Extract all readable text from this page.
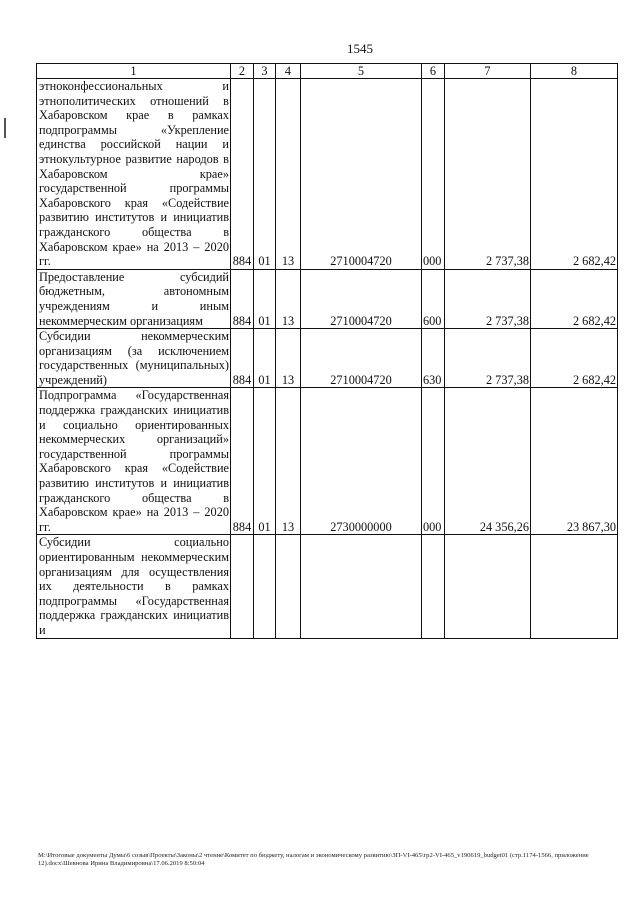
1545
1	2	3	4	5	6	7	8
этноконфессиональных и этнополитических отношений в Хабаровском крае в рамках подпрограммы «Укрепление единства российской нации и этнокультурное развитие народов в Хабаровском крае» государственной программы Хабаровского края «Содействие развитию институтов и инициатив гражданского общества в Хабаровском крае» на 2013 – 2020 гг.	884	01	13	2710004720	000	2 737,38	2 682,42
Предоставление субсидий бюджетным, автономным учреждениям и иным некоммерческим организациям	884	01	13	2710004720	600	2 737,38	2 682,42
Субсидии некоммерческим организациям (за исключением государственных (муниципальных) учреждений)	884	01	13	2710004720	630	2 737,38	2 682,42
Подпрограмма «Государственная поддержка гражданских инициатив и социально ориентированных некоммерческих организаций» государственной программы Хабаровского края «Содействие развитию институтов и инициатив гражданского общества в Хабаровском крае» на 2013 – 2020 гг.	884	01	13	2730000000	000	24 356,26	23 867,30
Субсидии социально ориентированным некоммерческим организациям для осуществления их деятельности в рамках подпрограммы «Государственная поддержка гражданских инициатив и							
M:\Итоговые документы Думы\6 созыв\Проекты\Законы\2 чтение\Комитет по бюджету, налогам и экономическому развитию\ЗП-VI-465\гр2-VI-465_v190619_budget01 (стр.1174-1566, приложение 12).docx\Шевнова Ирина Владимировна\17.06.2019 8:50:04
